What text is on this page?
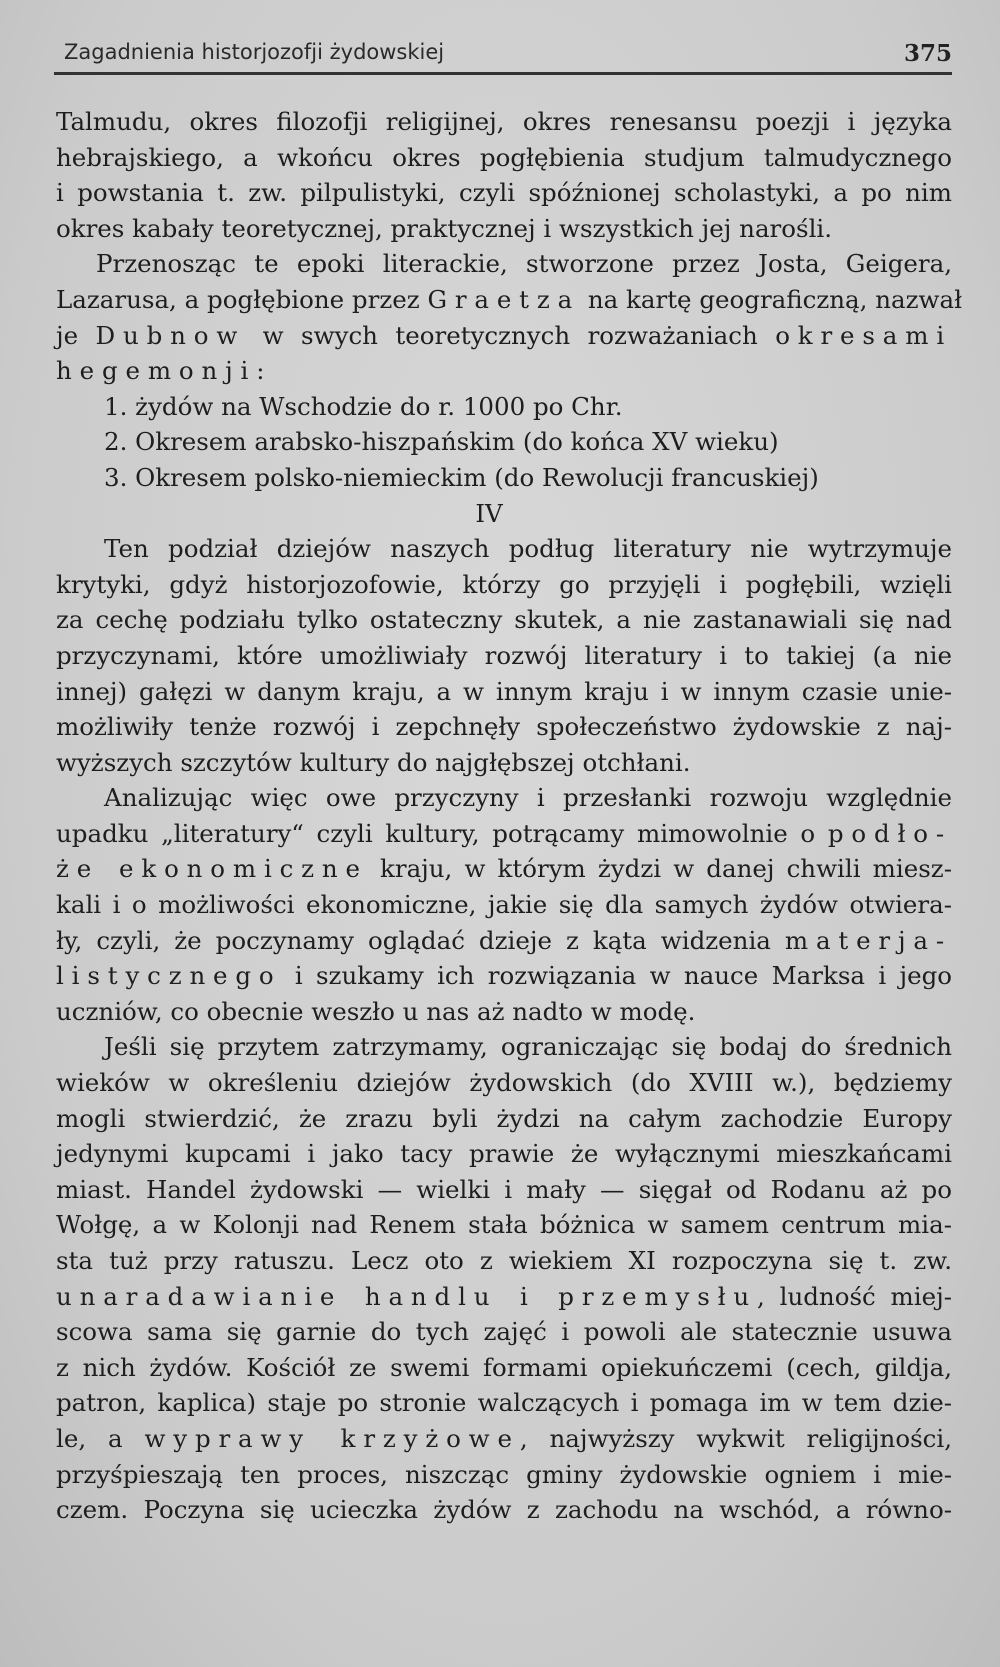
Zagadnienia historjozofji żydowskiej	375
Talmudu, okres filozofji religijnej, okres renesansu poezji i języka
hebrajskiego, a wkońcu okres pogłębienia studjum talmudycznego
i powstania t. zw. pilpulistyki, czyli spóźnionej scholastyki, a po nim
okres kabały teoretycznej, praktycznej i wszystkich jej narośli.
Przenosząc te epoki literackie, stworzone przez Josta, Geigera,
Lazarusa, a pogłębione przez Graetza na kartę geograficzną, nazwał
je Dubnow w swych teoretycznych rozważaniach okresami
hegemonji:
1. żydów na Wschodzie do r. 1000 po Chr.
2. Okresem arabsko-hiszpańskim (do końca XV wieku)
3. Okresem polsko-niemieckim (do Rewolucji francuskiej)
IV
Ten podział dziejów naszych podług literatury nie wytrzymuje
krytyki, gdyż historjozofowie, którzy go przyjęli i pogłębili, wzięli
za cechę podziału tylko ostateczny skutek, a nie zastanawiali się nad
przyczynami, które umożliwiały rozwój literatury i to takiej (a nie
innej) gałęzi w danym kraju, a w innym kraju i w innym czasie unie-
możliwiły tenże rozwój i zepchnęły społeczeństwo żydowskie z naj-
wyższych szczytów kultury do najgłębszej otchłani.
Analizując więc owe przyczyny i przesłanki rozwoju względnie
upadku „literatury“ czyli kultury, potrącamy mimowolnie o podło-
że ekonomiczne kraju, w którym żydzi w danej chwili miesz-
kali i o możliwości ekonomiczne, jakie się dla samych żydów otwiera-
ły, czyli, że poczynamy oglądać dzieje z kąta widzenia materja-
listycznego i szukamy ich rozwiązania w nauce Marksa i jego
uczniów, co obecnie weszło u nas aż nadto w modę.
Jeśli się przytem zatrzymamy, ograniczając się bodaj do średnich
wieków w określeniu dziejów żydowskich (do XVIII w.), będziemy
mogli stwierdzić, że zrazu byli żydzi na całym zachodzie Europy
jedynymi kupcami i jako tacy prawie że wyłącznymi mieszkańcami
miast. Handel żydowski — wielki i mały — sięgał od Rodanu aż po
Wołgę, a w Kolonji nad Renem stała bóżnica w samem centrum mia-
sta tuż przy ratuszu. Lecz oto z wiekiem XI rozpoczyna się t. zw.
unaradawianie handlu i przemysłu, ludność miej-
scowa sama się garnie do tych zajęć i powoli ale statecznie usuwa
z nich żydów. Kościół ze swemi formami opiekuńczemi (cech, gildja,
patron, kaplica) staje po stronie walczących i pomaga im w tem dzie-
le, a wyprawy krzyżowe, najwyższy wykwit religijności,
przyśpieszają ten proces, niszcząc gminy żydowskie ogniem i mie-
czem. Poczyna się ucieczka żydów z zachodu na wschód, a równo-
